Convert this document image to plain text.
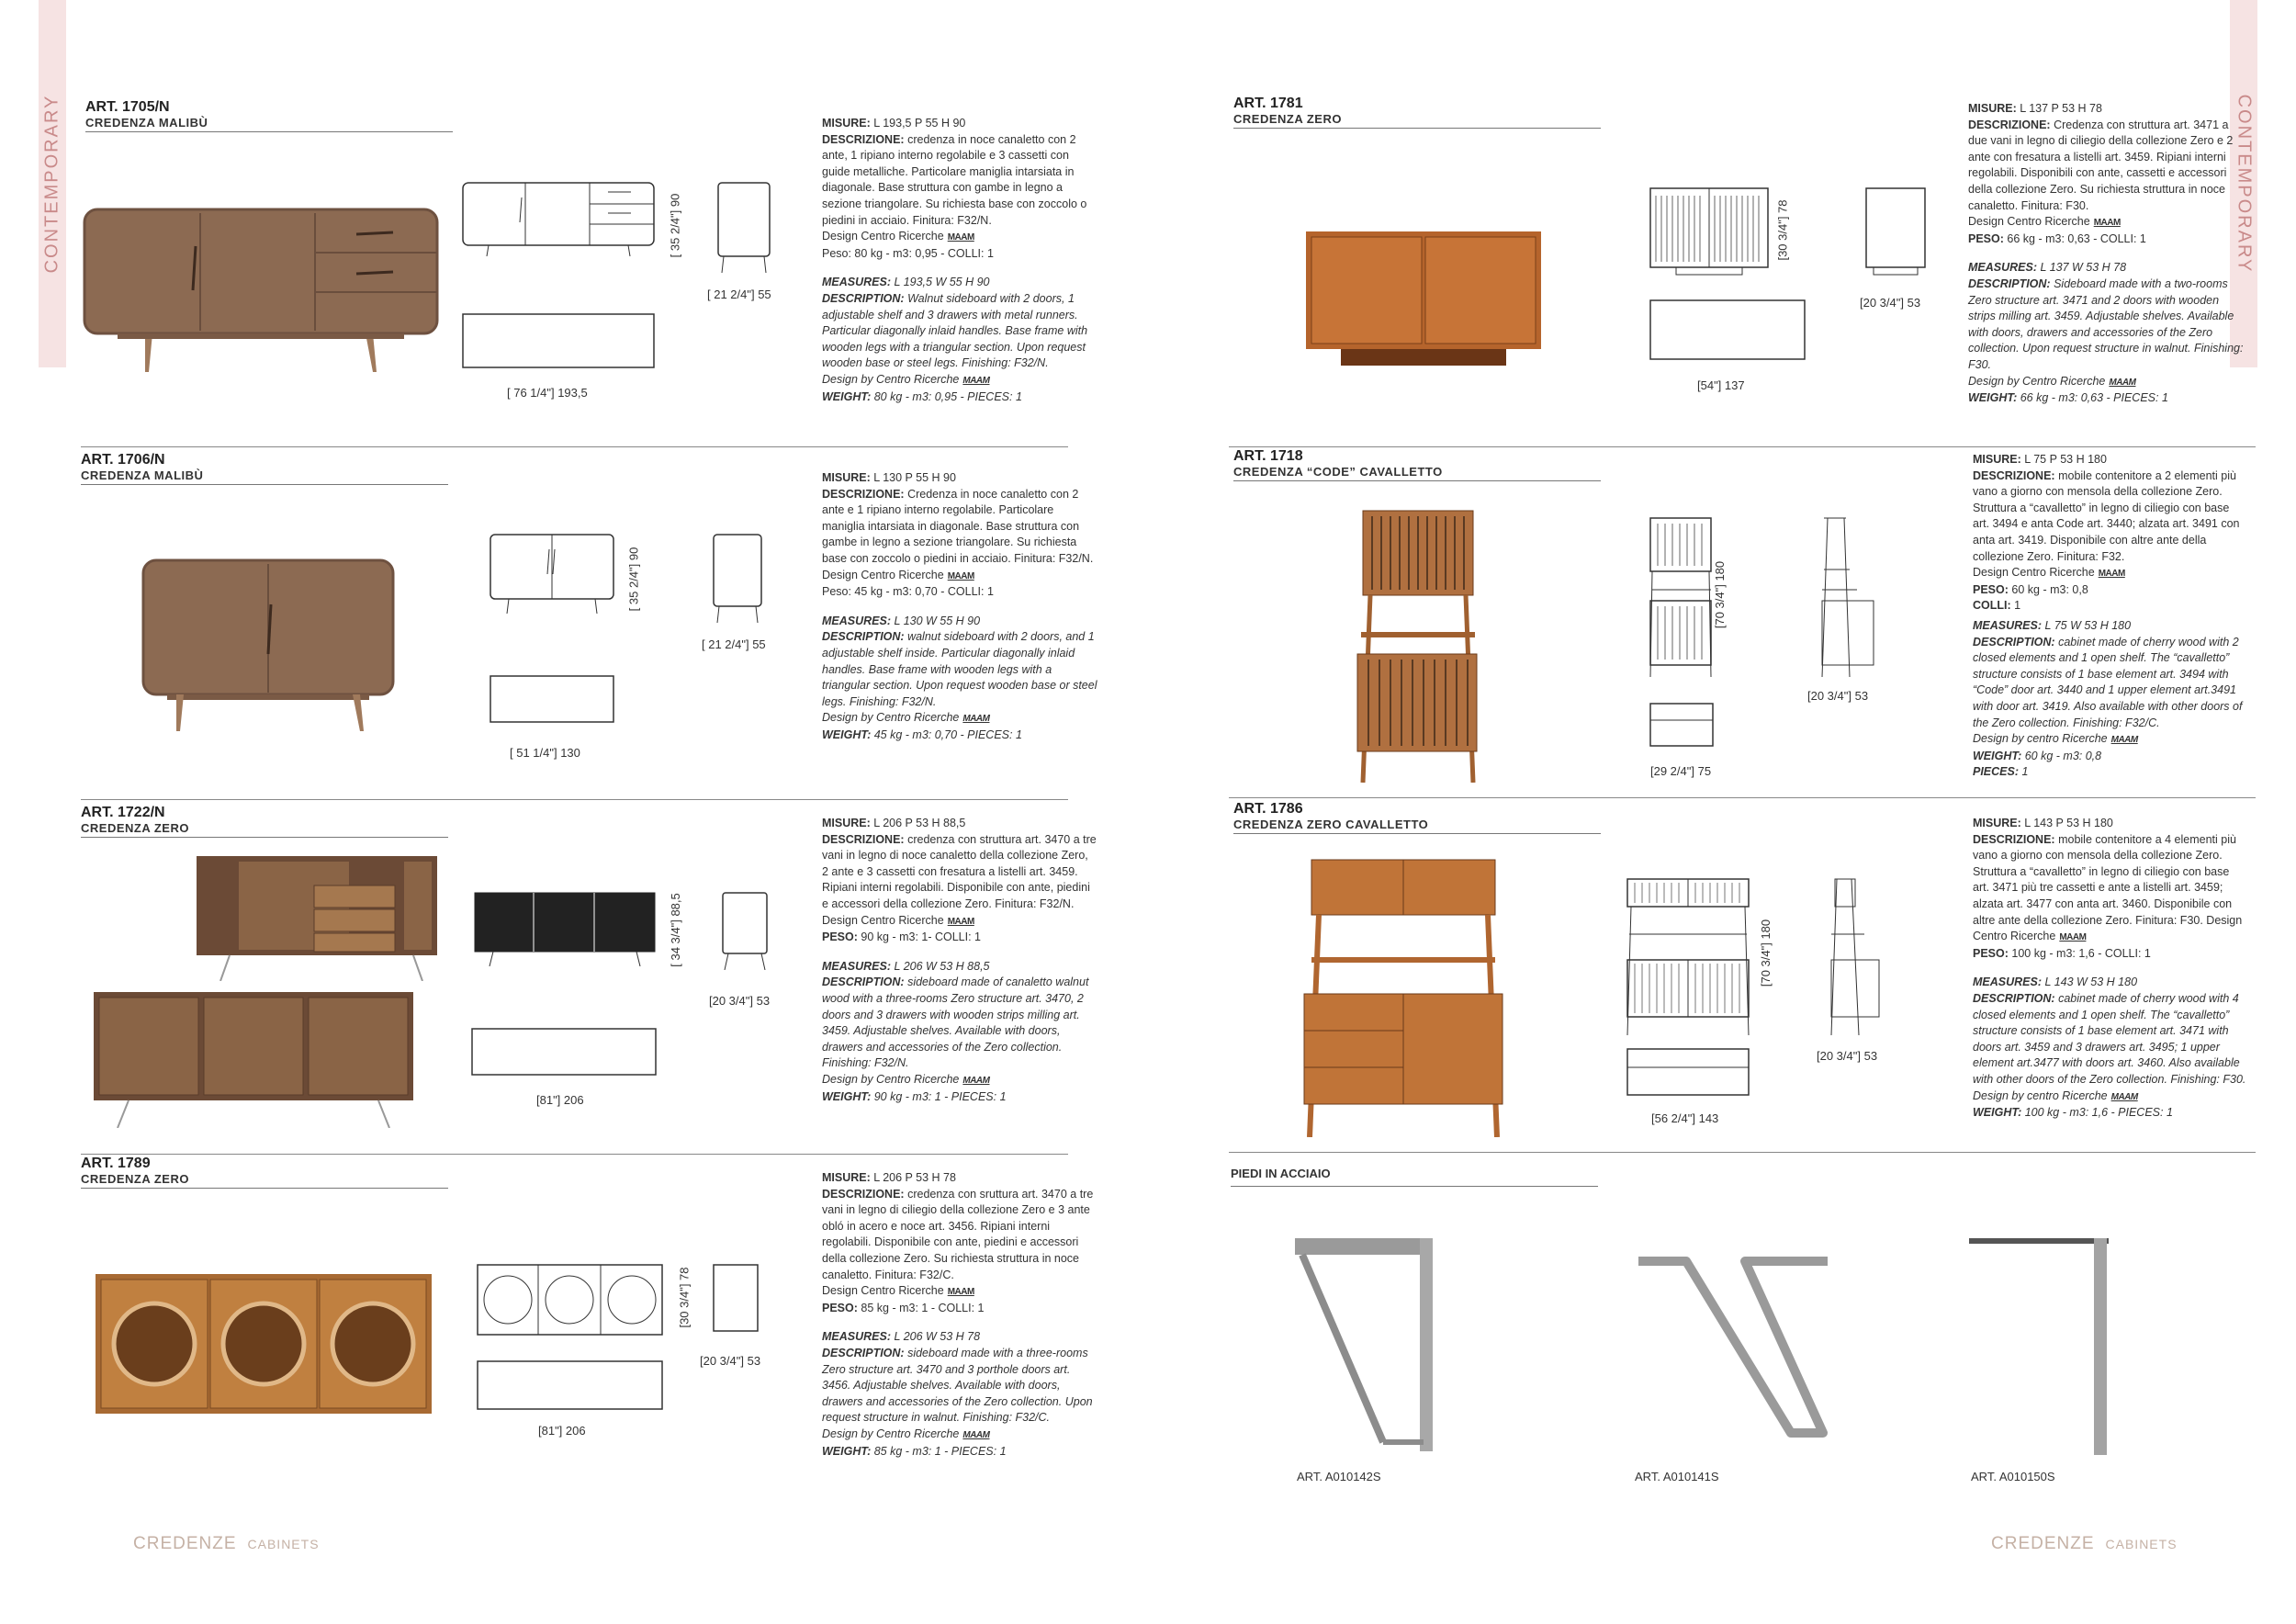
CONTEMPORARY	CONTEMPORARY
ART. 1705/N
CREDENZA MALIBÙ
[ 35 2/4"] 90
[ 21 2/4"] 55
[ 76 1/4"] 193,5

MISURE: L 193,5 P 55 H 90

DESCRIZIONE: credenza in noce canaletto con 2 ante, 1 ripiano interno regolabile e 3 cassetti con guide metalliche. Particolare maniglia intarsiata in diagonale. Base struttura con gambe in legno a sezione triangolare. Su richiesta base con zoccolo o piedini in acciaio. Finitura: F32/N.

Design Centro Ricerche MAAM

Peso: 80 kg - m3: 0,95 - COLLI: 1

MEASURES: L 193,5 W 55 H 90

DESCRIPTION: Walnut sideboard with 2 doors, 1 adjustable shelf and 3 drawers with metal runners. Particular diagonally inlaid handles. Base frame with wooden legs with a triangular section. Upon request wooden base or steel legs. Finishing: F32/N.

Design by Centro Ricerche MAAM

WEIGHT: 80 kg - m3: 0,95 - PIECES: 1

ART. 1706/N
CREDENZA MALIBÙ
[ 35 2/4"] 90
[ 21 2/4"] 55
[ 51 1/4"] 130

MISURE: L 130 P 55 H 90

DESCRIZIONE: Credenza in noce canaletto con 2 ante e 1 ripiano interno regolabile. Particolare maniglia intarsiata in diagonale. Base struttura con gambe in legno a sezione triangolare. Su richiesta base con zoccolo o piedini in acciaio. Finitura: F32/N.

Design Centro Ricerche MAAM

Peso: 45 kg - m3: 0,70 - COLLI: 1

MEASURES: L 130 W 55 H 90

DESCRIPTION: walnut sideboard with 2 doors, and 1 adjustable shelf inside. Particular diagonally inlaid handles. Base frame with wooden legs with a triangular section. Upon request wooden base or steel legs. Finishing: F32/N.

Design by Centro Ricerche MAAM

WEIGHT: 45 kg - m3: 0,70 - PIECES: 1

ART. 1722/N
CREDENZA ZERO
[ 34 3/4"] 88,5
[20 3/4"] 53
[81"] 206

MISURE: L 206 P 53 H 88,5

DESCRIZIONE: credenza con struttura art. 3470 a tre vani in legno di noce canaletto della collezione Zero, 2 ante e 3 cassetti con fresatura a listelli art. 3459. Ripiani interni regolabili. Disponibile con ante, piedini e accessori della collezione Zero. Finitura: F32/N. Design Centro Ricerche MAAM

PESO: 90 kg - m3: 1- COLLI: 1

MEASURES: L 206 W 53 H 88,5

DESCRIPTION: sideboard made of canaletto walnut wood with a three-rooms Zero structure art. 3470, 2 doors and 3 drawers with wooden strips milling art. 3459. Adjustable shelves. Available with doors, drawers and accessories of the Zero collection. Finishing: F32/N.

Design by Centro Ricerche MAAM

WEIGHT: 90 kg - m3: 1 - PIECES: 1

ART. 1789
CREDENZA ZERO
[30 3/4"] 78
[20 3/4"] 53
[81"] 206

MISURE: L 206 P 53 H 78

DESCRIZIONE: credenza con sruttura art. 3470 a tre vani in legno di ciliegio della collezione Zero e 3 ante obló in acero e noce art. 3456. Ripiani interni regolabili. Disponibile con ante, piedini e accessori della collezione Zero. Su richiesta struttura in noce canaletto. Finitura: F32/C.

Design Centro Ricerche MAAM

PESO: 85 kg - m3: 1 - COLLI: 1

MEASURES: L 206 W 53 H 78

DESCRIPTION: sideboard made with a three-rooms Zero structure art. 3470 and 3 porthole doors art. 3456. Adjustable shelves. Available with doors, drawers and accessories of the Zero collection. Upon request structure in walnut. Finishing: F32/C.

Design by Centro Ricerche MAAM

WEIGHT: 85 kg - m3: 1 - PIECES: 1

CREDENZE CABINETS
ART. 1781
CREDENZA ZERO
[30 3/4"] 78
[20 3/4"] 53
[54"] 137

MISURE: L 137 P 53 H 78

DESCRIZIONE: Credenza con struttura art. 3471 a due vani in legno di ciliegio della collezione Zero e 2 ante con fresatura a listelli art. 3459. Ripiani interni regolabili. Disponibili con ante, cassetti e accessori della collezione Zero. Su richiesta struttura in noce canaletto. Finitura: F30.

Design Centro Ricerche MAAM

PESO: 66 kg - m3: 0,63 - COLLI: 1

MEASURES: L 137 W 53 H 78

DESCRIPTION: Sideboard made with a two-rooms Zero structure art. 3471 and 2 doors with wooden strips milling art. 3459. Adjustable shelves. Available with doors, drawers and accessories of the Zero collection. Upon request structure in walnut. Finishing: F30.

Design by Centro Ricerche MAAM

WEIGHT: 66 kg - m3: 0,63 - PIECES: 1

ART. 1718
CREDENZA “CODE” CAVALLETTO
[70 3/4"] 180
[20 3/4"] 53
[29 2/4"] 75

MISURE: L 75 P 53 H 180

DESCRIZIONE: mobile contenitore a 2 elementi più vano a giorno con mensola della collezione Zero. Struttura a “cavalletto” in legno di ciliegio con base art. 3494 e anta Code art. 3440; alzata art. 3491 con anta art. 3419. Disponibile con altre ante della collezione Zero. Finitura: F32.

Design Centro Ricerche MAAM

PESO: 60 kg - m3: 0,8

COLLI: 1

MEASURES: L 75 W 53 H 180

DESCRIPTION: cabinet made of cherry wood with 2 closed elements and 1 open shelf. The “cavalletto” structure consists of 1 base element art. 3494 with “Code” door art. 3440 and 1 upper element art.3491 with door art. 3419. Also available with other doors of the Zero collection. Finishing: F32/C.

Design by centro Ricerche MAAM

WEIGHT: 60 kg - m3: 0,8

PIECES: 1

ART. 1786
CREDENZA ZERO CAVALLETTO
[70 3/4"] 180
[20 3/4"] 53
[56 2/4"] 143

MISURE: L 143 P 53 H 180

DESCRIZIONE: mobile contenitore a 4 elementi più vano a giorno con mensola della collezione Zero. Struttura a “cavalletto” in legno di ciliegio con base art. 3471 più tre cassetti e ante a listelli art. 3459; alzata art. 3477 con anta art. 3460. Disponibile con altre ante della collezione Zero. Finitura: F30. Design Centro Ricerche MAAM

PESO: 100 kg - m3: 1,6 - COLLI: 1

MEASURES: L 143 W 53 H 180

DESCRIPTION: cabinet made of cherry wood with 4 closed elements and 1 open shelf. The “cavalletto” structure consists of 1 base element art. 3471 with doors art. 3459 and 3 drawers art. 3495; 1 upper element art.3477 with doors art. 3460. Also available with other doors of the Zero collection. Finishing: F30.

Design by centro Ricerche MAAM

WEIGHT: 100 kg - m3: 1,6 - PIECES: 1

PIEDI IN ACCIAIO
ART. A010142S	ART. A010141S	ART. A010150S
CREDENZE CABINETS
